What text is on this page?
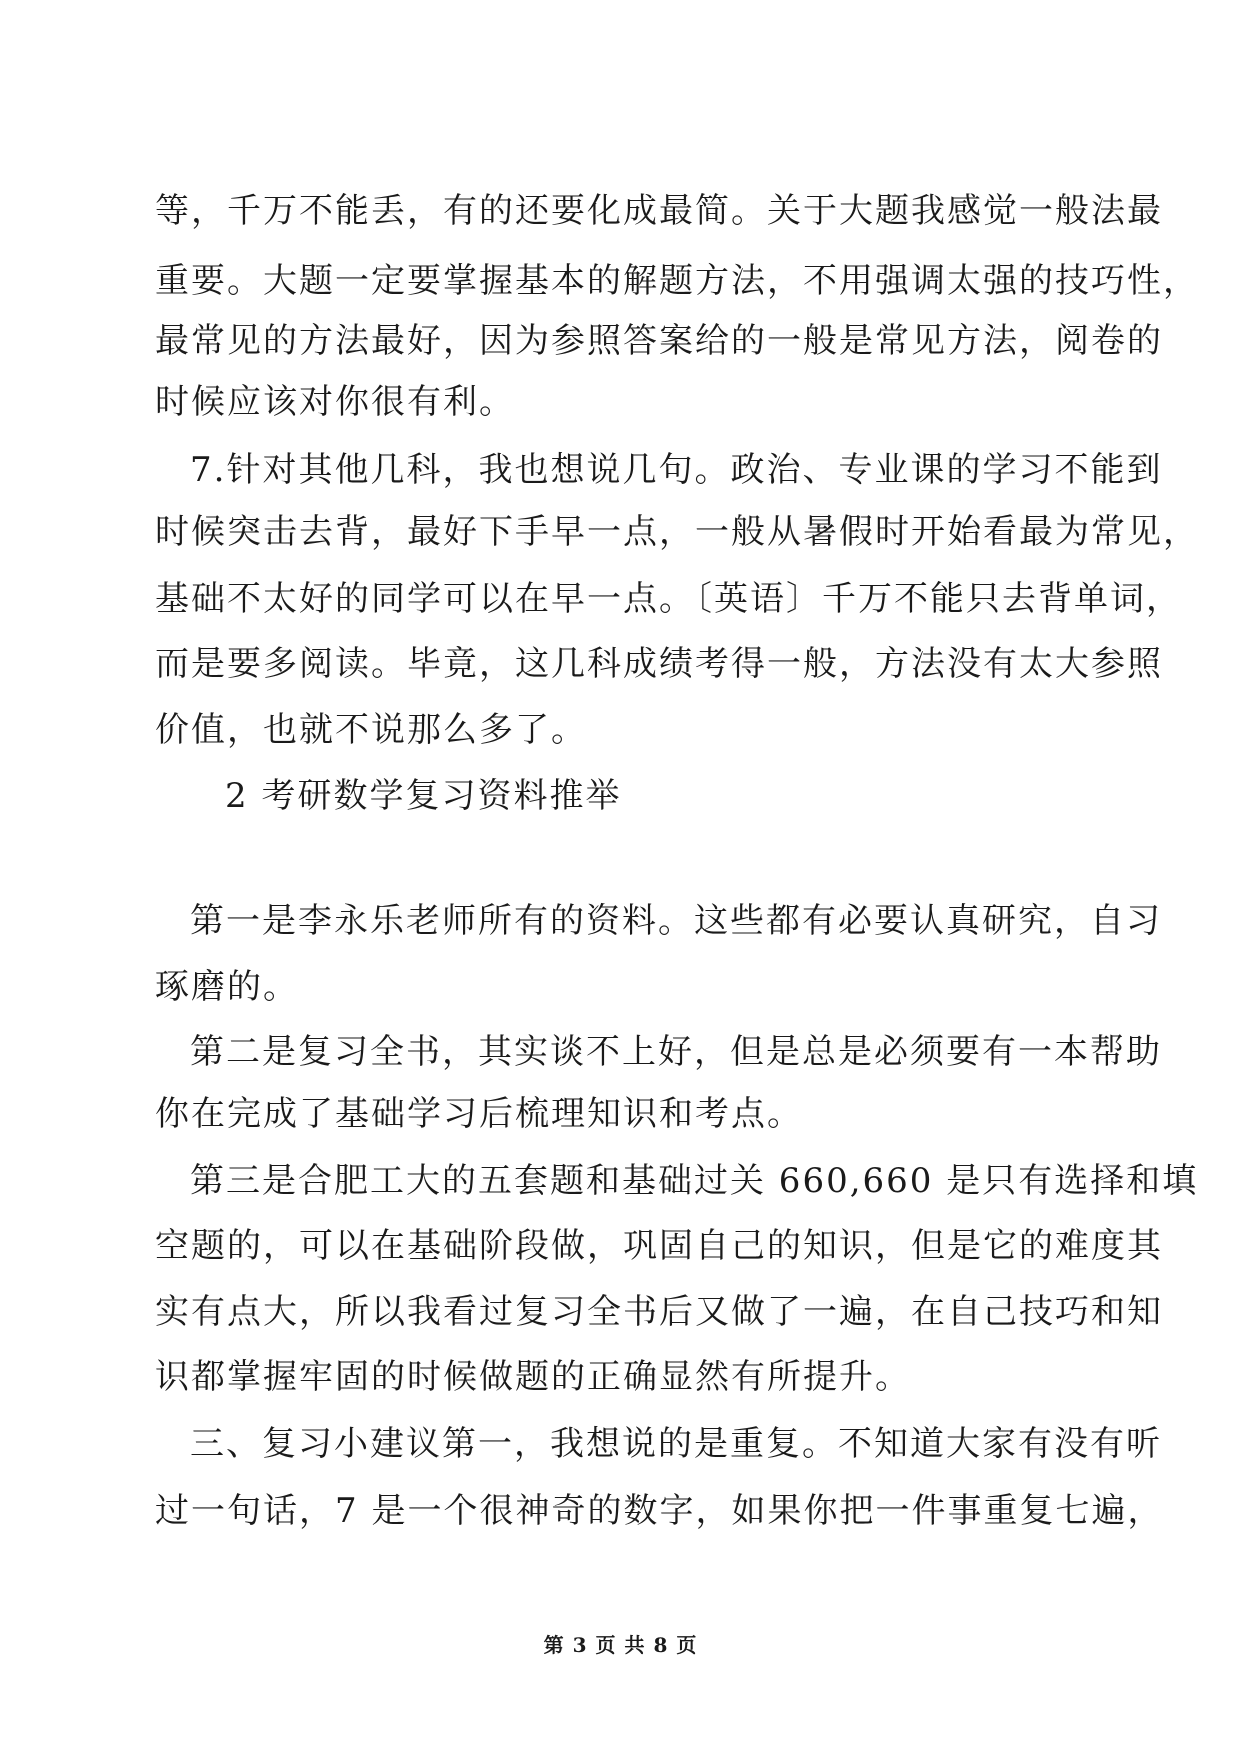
等，千万不能丢，有的还要化成最简。关于大题我感觉一般法最
重要。大题一定要掌握基本的解题方法，不用强调太强的技巧性，
最常见的方法最好，因为参照答案给的一般是常见方法，阅卷的
时候应该对你很有利。
7.针对其他几科，我也想说几句。政治、专业课的学习不能到
时候突击去背，最好下手早一点，一般从暑假时开始看最为常见，
基础不太好的同学可以在早一点。〔英语〕千万不能只去背单词，
而是要多阅读。毕竟，这几科成绩考得一般，方法没有太大参照
价值，也就不说那么多了。
2 考研数学复习资料推举
第一是李永乐老师所有的资料。这些都有必要认真研究，自习
琢磨的。
第二是复习全书，其实谈不上好，但是总是必须要有一本帮助
你在完成了基础学习后梳理知识和考点。
第三是合肥工大的五套题和基础过关 660,660 是只有选择和填
空题的，可以在基础阶段做，巩固自己的知识，但是它的难度其
实有点大，所以我看过复习全书后又做了一遍，在自己技巧和知
识都掌握牢固的时候做题的正确显然有所提升。
三、复习小建议第一，我想说的是重复。不知道大家有没有听
过一句话，7 是一个很神奇的数字，如果你把一件事重复七遍，
第 3 页 共 8 页
